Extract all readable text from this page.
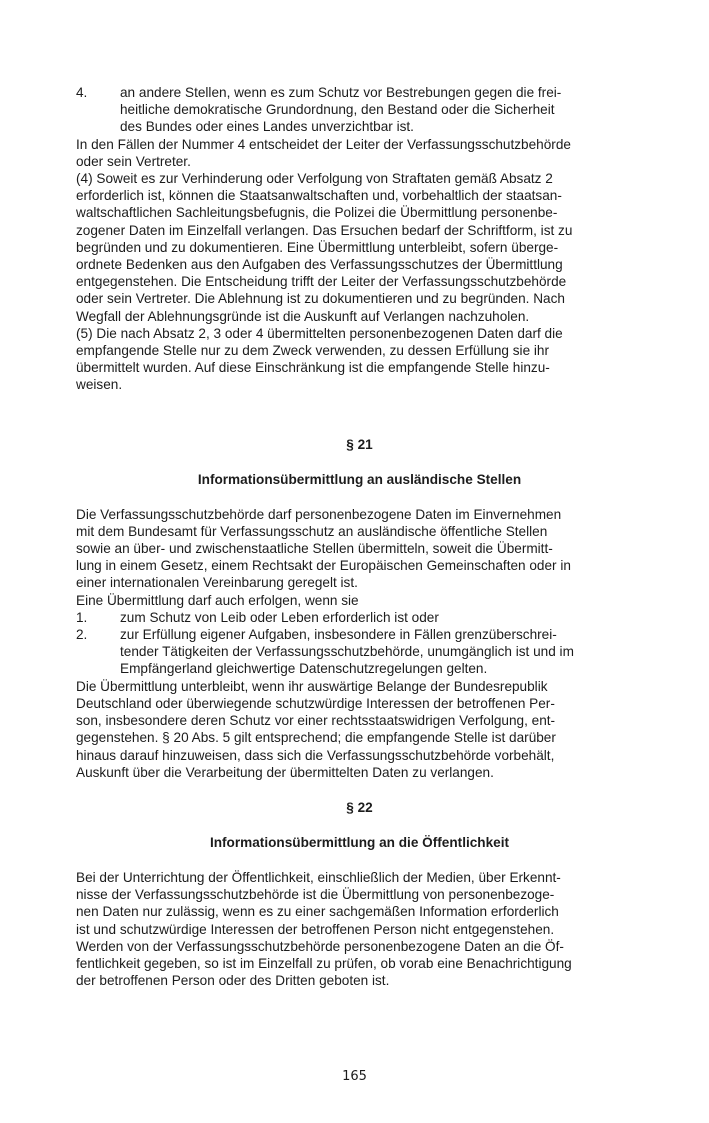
4.	an andere Stellen, wenn es zum Schutz vor Bestrebungen gegen die frei-
heitliche demokratische Grundordnung, den Bestand oder die Sicherheit
des Bundes oder eines Landes unverzichtbar ist.
In den Fällen der Nummer 4 entscheidet der Leiter der Verfassungsschutzbehörde
oder sein Vertreter.
(4) Soweit es zur Verhinderung oder Verfolgung von Straftaten gemäß Absatz 2
erforderlich ist, können die Staatsanwaltschaften und, vorbehaltlich der staatsan-
waltschaftlichen Sachleitungsbefugnis, die Polizei die Übermittlung personenbe-
zogener Daten im Einzelfall verlangen. Das Ersuchen bedarf der Schriftform, ist zu
begründen und zu dokumentieren. Eine Übermittlung unterbleibt, sofern überge-
ordnete Bedenken aus den Aufgaben des Verfassungsschutzes der Übermittlung
entgegenstehen. Die Entscheidung trifft der Leiter der Verfassungsschutzbehörde
oder sein Vertreter. Die Ablehnung ist zu dokumentieren und zu begründen. Nach
Wegfall der Ablehnungsgründe ist die Auskunft auf Verlangen nachzuholen.
(5) Die nach Absatz 2, 3 oder 4 übermittelten personenbezogenen Daten darf die
empfangende Stelle nur zu dem Zweck verwenden, zu dessen Erfüllung sie ihr
übermittelt wurden. Auf diese Einschränkung ist die empfangende Stelle hinzu-
weisen.
§ 21
Informationsübermittlung an ausländische Stellen
Die Verfassungsschutzbehörde darf personenbezogene Daten im Einvernehmen
mit dem Bundesamt für Verfassungsschutz an ausländische öffentliche Stellen
sowie an über- und zwischenstaatliche Stellen übermitteln, soweit die Übermitt-
lung in einem Gesetz, einem Rechtsakt der Europäischen Gemeinschaften oder in
einer internationalen Vereinbarung geregelt ist.
Eine Übermittlung darf auch erfolgen, wenn sie
1.	zum Schutz von Leib oder Leben erforderlich ist oder
2.	zur Erfüllung eigener Aufgaben, insbesondere in Fällen grenzüberschrei-
tender Tätigkeiten der Verfassungsschutzbehörde, unumgänglich ist und im
Empfängerland gleichwertige Datenschutzregelungen gelten.
Die Übermittlung unterbleibt, wenn ihr auswärtige Belange der Bundesrepublik
Deutschland oder überwiegende schutzwürdige Interessen der betroffenen Per-
son, insbesondere deren Schutz vor einer rechtsstaatswidrigen Verfolgung, ent-
gegenstehen. § 20 Abs. 5 gilt entsprechend; die empfangende Stelle ist darüber
hinaus darauf hinzuweisen, dass sich die Verfassungsschutzbehörde vorbehält,
Auskunft über die Verarbeitung der übermittelten Daten zu verlangen.
§ 22
Informationsübermittlung an die Öffentlichkeit
Bei der Unterrichtung der Öffentlichkeit, einschließlich der Medien, über Erkennt-
nisse der Verfassungsschutzbehörde ist die Übermittlung von personenbezoge-
nen Daten nur zulässig, wenn es zu einer sachgemäßen Information erforderlich
ist und schutzwürdige Interessen der betroffenen Person nicht entgegenstehen.
Werden von der Verfassungsschutzbehörde personenbezogene Daten an die Öf-
fentlichkeit gegeben, so ist im Einzelfall zu prüfen, ob vorab eine Benachrichtigung
der betroffenen Person oder des Dritten geboten ist.
165
